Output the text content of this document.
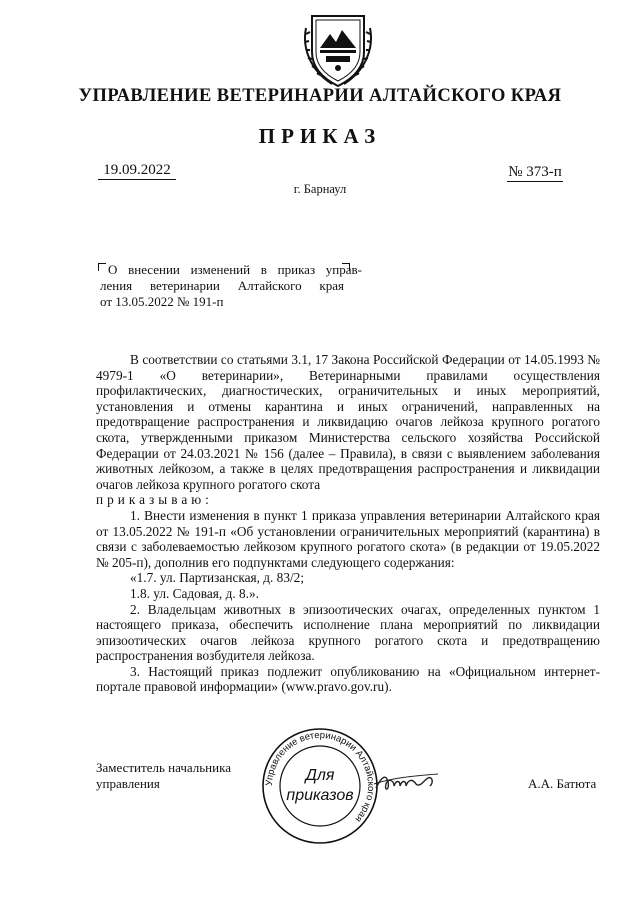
УПРАВЛЕНИЕ ВЕТЕРИНАРИИ АЛТАЙСКОГО КРАЯ
ПРИКАЗ
19.09.2022	№ 373-п
г. Барнаул
О внесении изменений в приказ управ-
ления ветеринарии Алтайского края
от 13.05.2022 № 191-п

В соответствии со статьями 3.1, 17 Закона Российской Федерации от 14.05.1993 № 4979-1 «О ветеринарии», Ветеринарными правилами осуществления профилактических, диагностических, ограничительных и иных мероприятий, установления и отмены карантина и иных ограничений, направленных на предотвращение распространения и ликвидацию очагов лейкоза крупного рогатого скота, утвержденными приказом Министерства сельского хозяйства Российской Федерации от 24.03.2021 № 156 (далее – Правила), в связи с выявлением заболевания животных лейкозом, а также в целях предотвращения распространения и ликвидации очагов лейкоза крупного рогатого скота

приказываю:

1. Внести изменения в пункт 1 приказа управления ветеринарии Алтайского края от 13.05.2022 № 191-п «Об установлении ограничительных мероприятий (карантина) в связи с заболеваемостью лейкозом крупного рогатого скота» (в редакции от 19.05.2022 № 205-п), дополнив его подпунктами следующего содержания:

«1.7. ул. Партизанская, д. 83/2;

1.8. ул. Садовая, д. 8.».

2. Владельцам животных в эпизоотических очагах, определенных пунктом 1 настоящего приказа, обеспечить исполнение плана мероприятий по ликвидации эпизоотических очагов лейкоза крупного рогатого скота и предотвращению распространения возбудителя лейкоза.

3. Настоящий приказ подлежит опубликованию на «Официальном интернет-портале правовой информации» (www.pravo.gov.ru).

Заместитель начальника
управления	Управление ветеринарии Алтайского края
Для
приказов
А.А. Батюта
